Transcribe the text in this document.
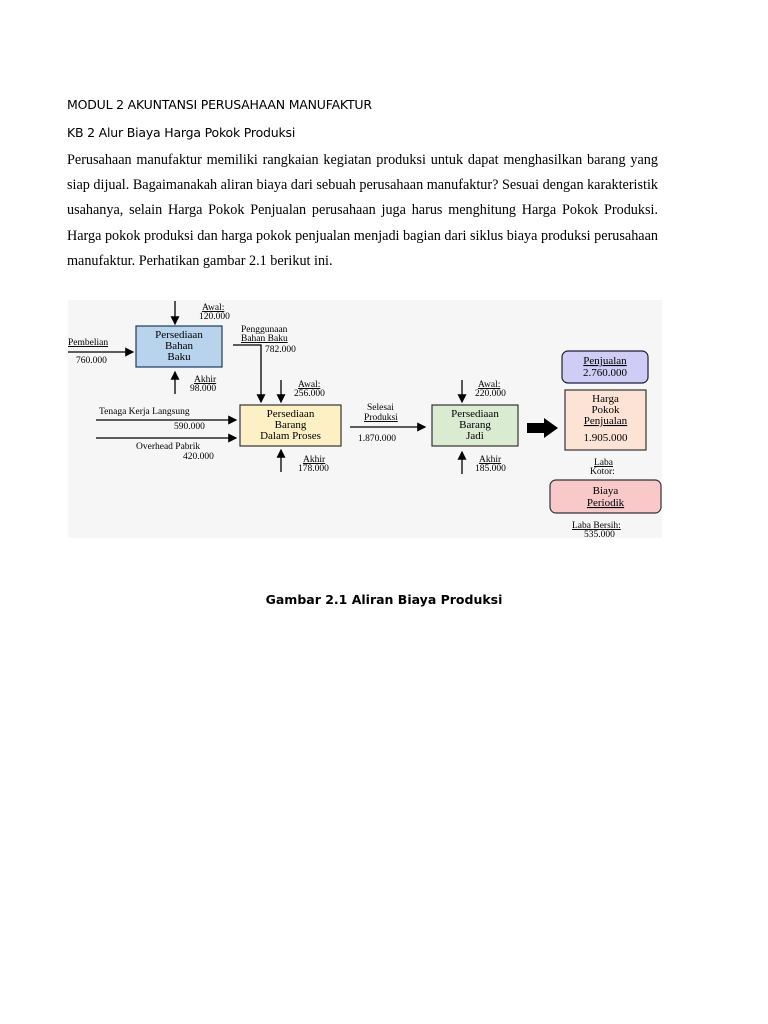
MODUL 2 AKUNTANSI PERUSAHAAN MANUFAKTUR
KB 2 Alur Biaya Harga Pokok Produksi

Perusahaan manufaktur memiliki rangkaian kegiatan produksi untuk dapat menghasilkan barang yang siap dijual. Bagaimanakah aliran biaya dari sebuah perusahaan manufaktur? Sesuai dengan karakteristik usahanya, selain Harga Pokok Penjualan perusahaan juga harus menghitung Harga Pokok Produksi. Harga pokok produksi dan harga pokok penjualan menjadi bagian dari siklus biaya produksi perusahaan manufaktur. Perhatikan gambar 2.1 berikut ini.

Persediaan
Bahan
Baku
Awal:
120.000
Pembelian
760.000
Akhir
98.000
Penggunaan
Bahan Baku
782.000
Persediaan
Barang
Dalam Proses
Awal:
256.000
Tenaga Kerja Langsung
590.000
Overhead Pabrik
420.000	Akhir
178.000
Selesai
Produksi
1.870.000
Persediaan
Barang
Jadi
Awal:
220.000
Akhir
185.000
Penjualan
2.760.000
Harga
Pokok
Penjualan
1.905.000
Laba
Kotor:
Biaya
Periodik
Laba Bersih:
535.000
Gambar 2.1 Aliran Biaya Produksi
